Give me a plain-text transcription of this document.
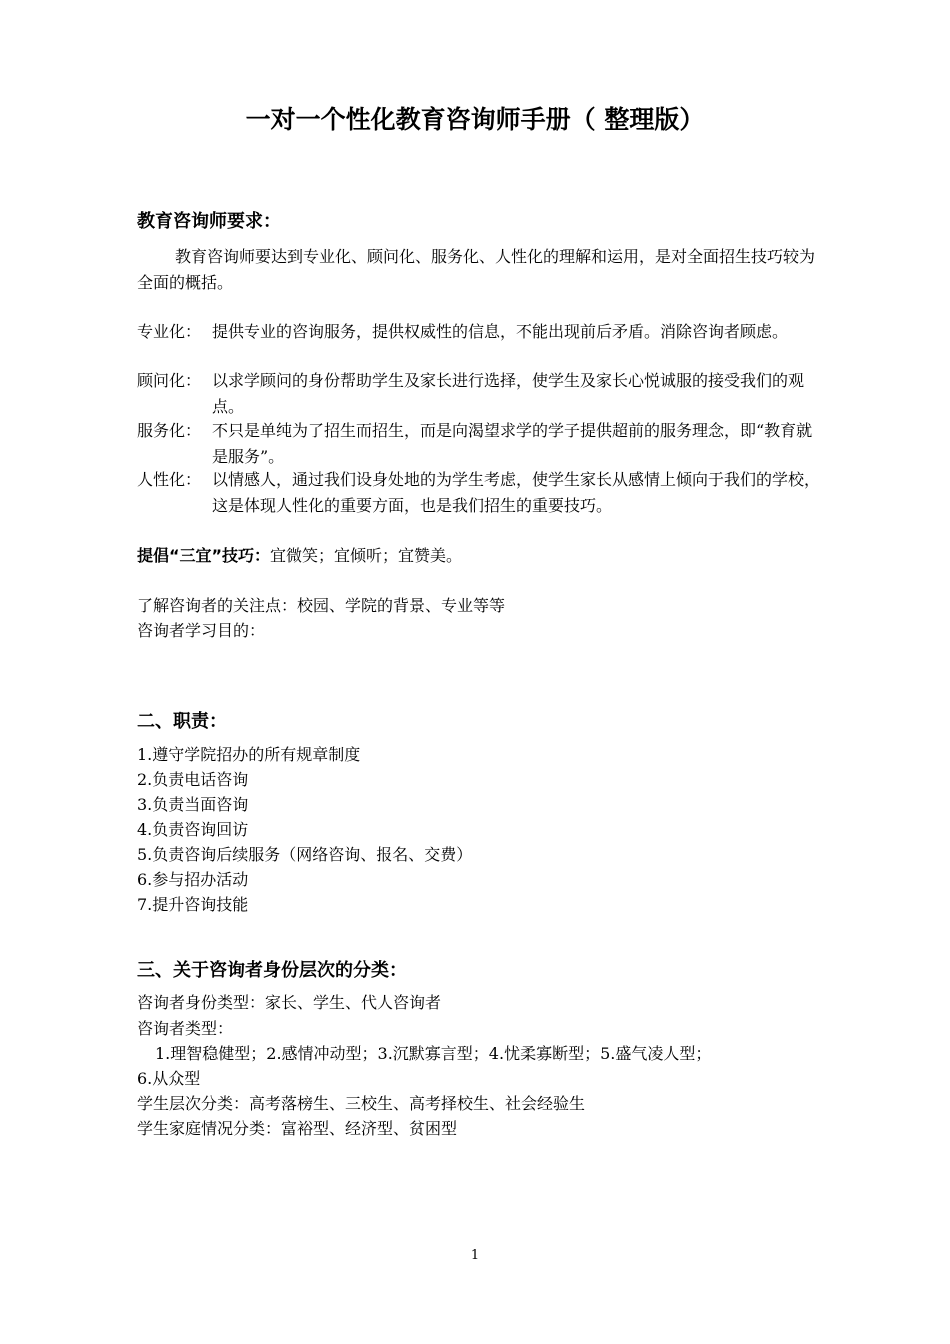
一对一个性化教育咨询师手册（ 整理版）
教育咨询师要求：
教育咨询师要达到专业化、顾问化、服务化、人性化的理解和运用，是对全面招生技巧较为全面的概括。
专业化： 提供专业的咨询服务，提供权威性的信息，不能出现前后矛盾。消除咨询者顾虑。
顾问化： 以求学顾问的身份帮助学生及家长进行选择，使学生及家长心悦诚服的接受我们的观点。
服务化： 不只是单纯为了招生而招生，而是向渴望求学的学子提供超前的服务理念，即“教育就是服务”。
人性化： 以情感人，通过我们设身处地的为学生考虑，使学生家长从感情上倾向于我们的学校，这是体现人性化的重要方面，也是我们招生的重要技巧。
提倡“三宜”技巧：宜微笑；宜倾听；宜赞美。
了解咨询者的关注点：校园、学院的背景、专业等等
咨询者学习目的：
二、职责：
1.遵守学院招办的所有规章制度
2.负责电话咨询
3.负责当面咨询
4.负责咨询回访
5.负责咨询后续服务（网络咨询、报名、交费）
6.参与招办活动
7.提升咨询技能
三、关于咨询者身份层次的分类：
咨询者身份类型：家长、学生、代人咨询者
咨询者类型：
1.理智稳健型；2.感情冲动型；3.沉默寡言型；4.忧柔寡断型；5.盛气凌人型；
6.从众型
学生层次分类：高考落榜生、三校生、高考择校生、社会经验生
学生家庭情况分类：富裕型、经济型、贫困型
1
